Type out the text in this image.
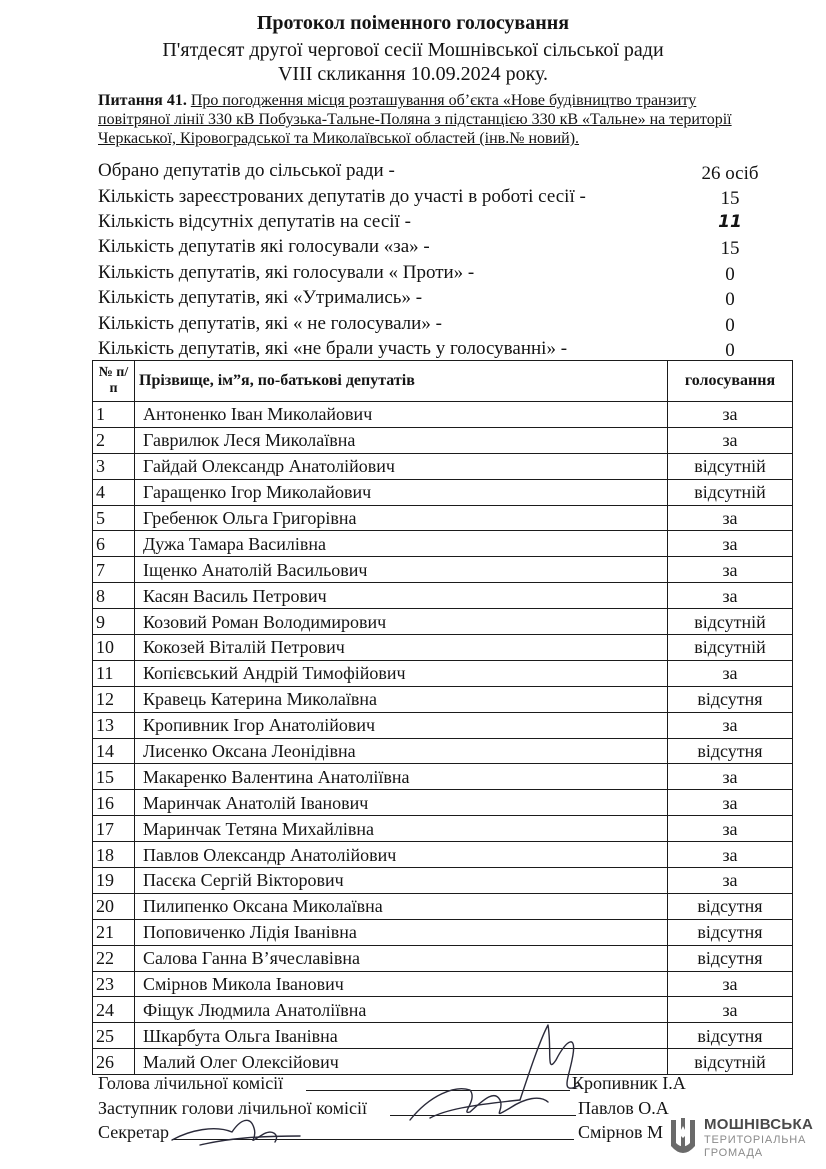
Протокол поіменного голосування
П'ятдесят другої чергової сесії Мошнівської сільської ради
VIII скликання 10.09.2024 року.
Питання 41. Про погодження місця розташування об’єкта «Нове будівництво транзиту повітряної лінії 330 кВ Побузька-Тальне-Поляна з підстанцією 330 кВ «Тальне» на території Черкаської, Кіровоградської та Миколаївської областей (інв.№ новий).
Обрано депутатів до сільської ради -	26 осіб
Кількість зареєстрованих депутатів до участі в роботі сесії -	15
Кількість відсутніх депутатів на сесії -	11
Кількість депутатів які голосували «за» -	15
Кількість депутатів, які голосували « Проти» -	0
Кількість депутатів, які «Утримались» -	0
Кількість депутатів, які « не голосували» -	0
Кількість депутатів, які «не брали участь у голосуванні» -	0
№ п/п	Прізвище, ім”я, по-батькові депутатів	голосування
1	Антоненко Іван Миколайович	за
2	Гаврилюк Леся Миколаївна	за
3	Гайдай Олександр Анатолійович	відсутній
4	Гаращенко Ігор Миколайович	відсутній
5	Гребенюк Ольга Григорівна	за
6	Дужа Тамара Василівна	за
7	Іщенко Анатолій Васильович	за
8	Касян Василь Петрович	за
9	Козовий Роман Володимирович	відсутній
10	Кокозей Віталій Петрович	відсутній
11	Копієвський Андрій Тимофійович	за
12	Кравець Катерина Миколаївна	відсутня
13	Кропивник Ігор Анатолійович	за
14	Лисенко Оксана Леонідівна	відсутня
15	Макаренко Валентина Анатоліївна	за
16	Маринчак Анатолій Іванович	за
17	Маринчак Тетяна Михайлівна	за
18	Павлов Олександр Анатолійович	за
19	Пасєка Сергій Вікторович	за
20	Пилипенко Оксана Миколаївна	відсутня
21	Поповиченко Лідія Іванівна	відсутня
22	Салова Ганна В’ячеславівна	відсутня
23	Смірнов Микола Іванович	за
24	Фіщук Людмила Анатоліївна	за
25	Шкарбута Ольга Іванівна	відсутня
26	Малий Олег Олексійович	відсутній
Голова лічильної комісії	Кропивник І.А
Заступник голови лічильної комісії	Павлов О.А
Секретар	Смірнов М	МОШНІВСЬКА
ТЕРИТОРІАЛЬНА
ГРОМАДА
